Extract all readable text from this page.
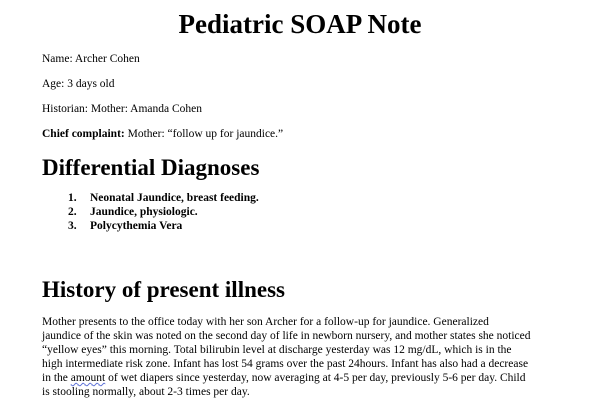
Pediatric SOAP Note

Name: Archer Cohen

Age: 3 days old

Historian: Mother: Amanda Cohen

Chief complaint: Mother: “follow up for jaundice.”

Differential Diagnoses
1.	Neonatal Jaundice, breast feeding.
2.	Jaundice, physiologic.
3.	Polycythemia Vera
History of present illness

Mother presents to the office today with her son Archer for a follow-up for jaundice. Generalized
jaundice of the skin was noted on the second day of life in newborn nursery, and mother states she noticed
“yellow eyes” this morning. Total bilirubin level at discharge yesterday was 12 mg/dL, which is in the
high intermediate risk zone. Infant has lost 54 grams over the past 24hours. Infant has also had a decrease
in the amount of wet diapers since yesterday, now averaging at 4-5 per day, previously 5-6 per day. Child
is stooling normally, about 2-3 times per day.
